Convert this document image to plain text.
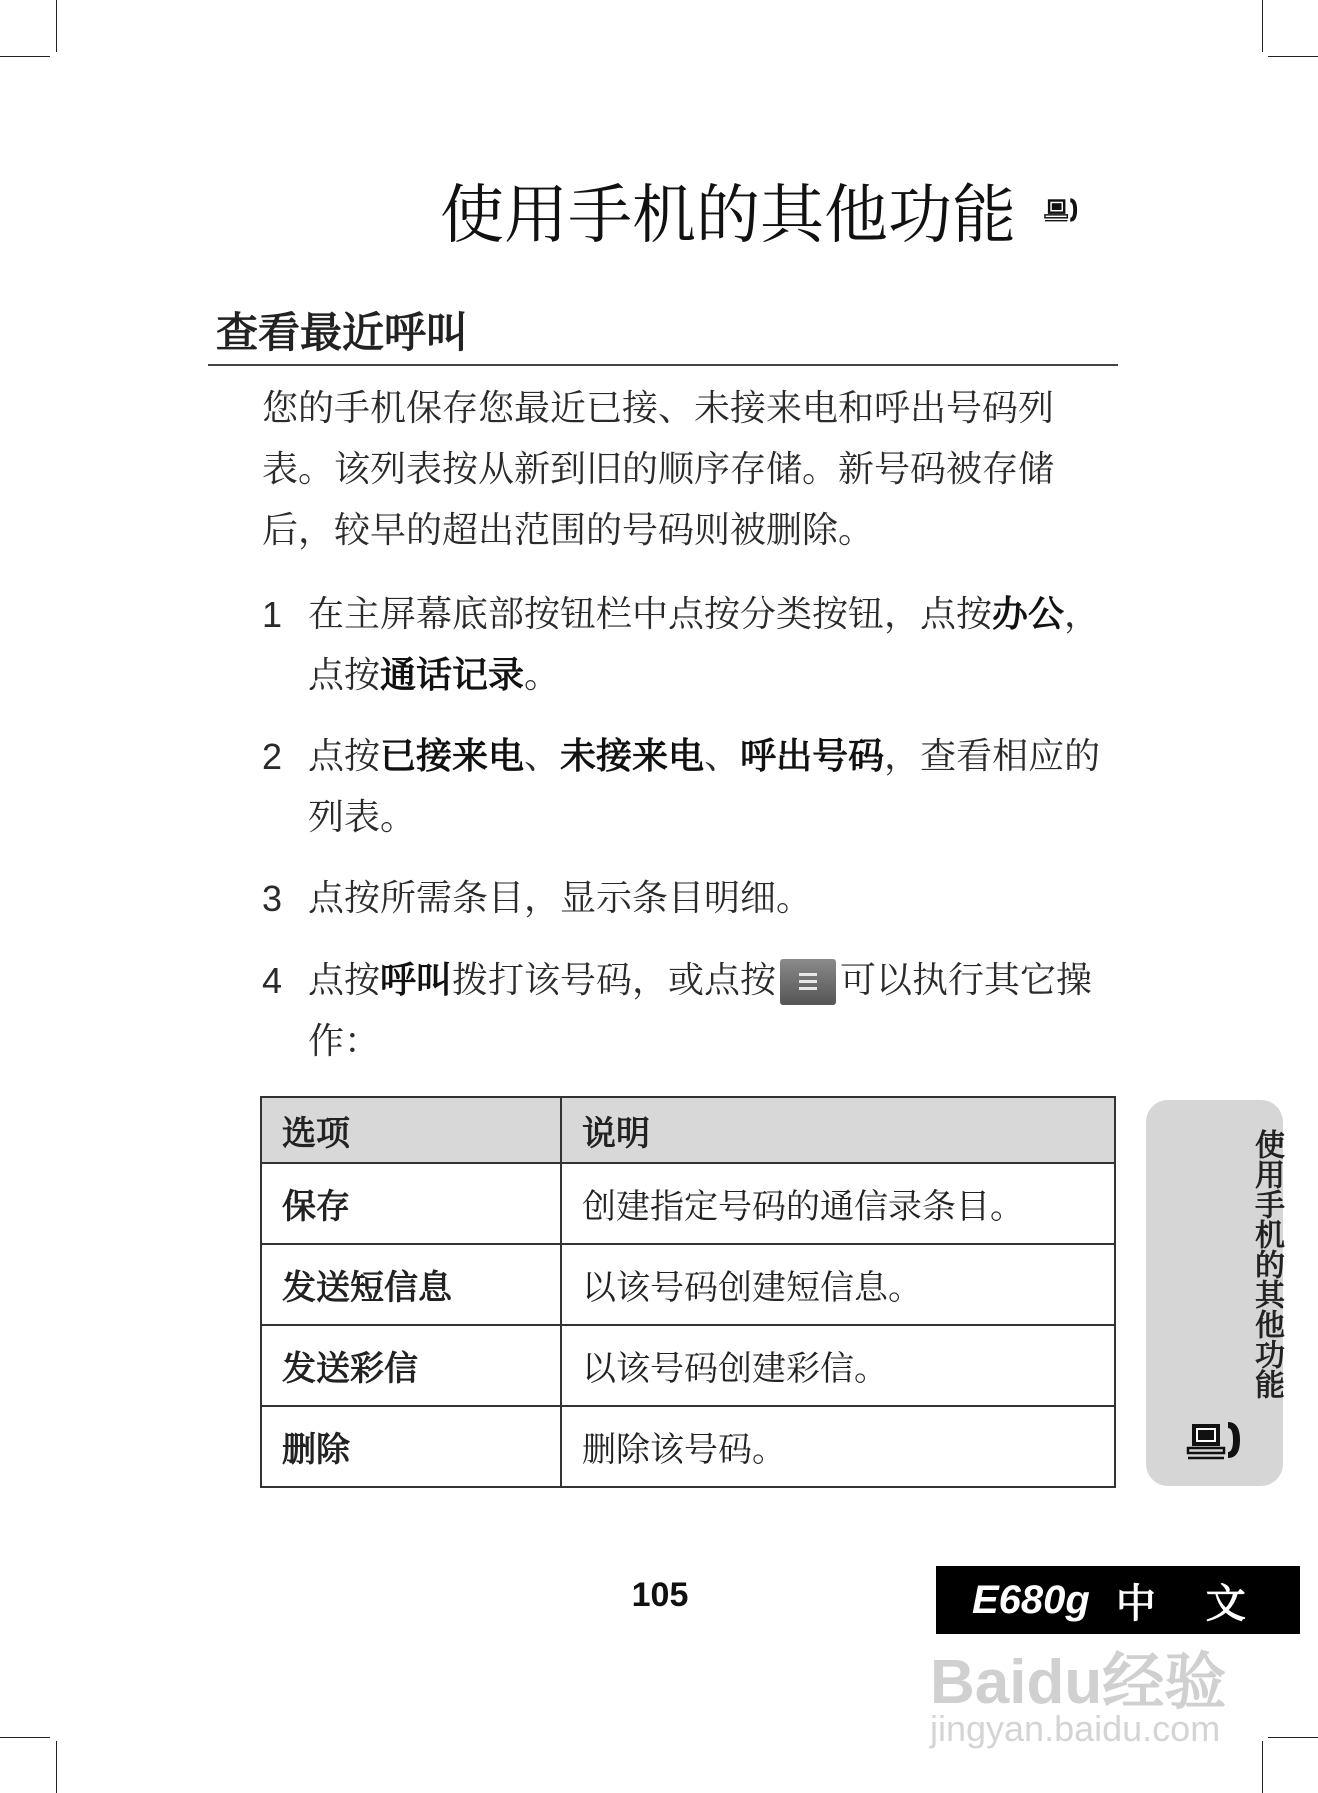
使用手机的其他功能
查看最近呼叫
您的手机保存您最近已接、未接来电和呼出号码列表。该列表按从新到旧的顺序存储。新号码被存储后，较早的超出范围的号码则被删除。
1 在主屏幕底部按钮栏中点按分类按钮，点按办公，点按通话记录。
2 点按已接来电、未接来电、呼出号码，查看相应的列表。
3 点按所需条目，显示条目明细。
4 点按呼叫拨打该号码，或点按 可以执行其它操作：
选项	说明
保存	创建指定号码的通信录条目。
发送短信息	以该号码创建短信息。
发送彩信	以该号码创建彩信。
删除	删除该号码。
使用手机的其他功能
105	E680g 中 文
Baidu经验
jingyan.baidu.com
